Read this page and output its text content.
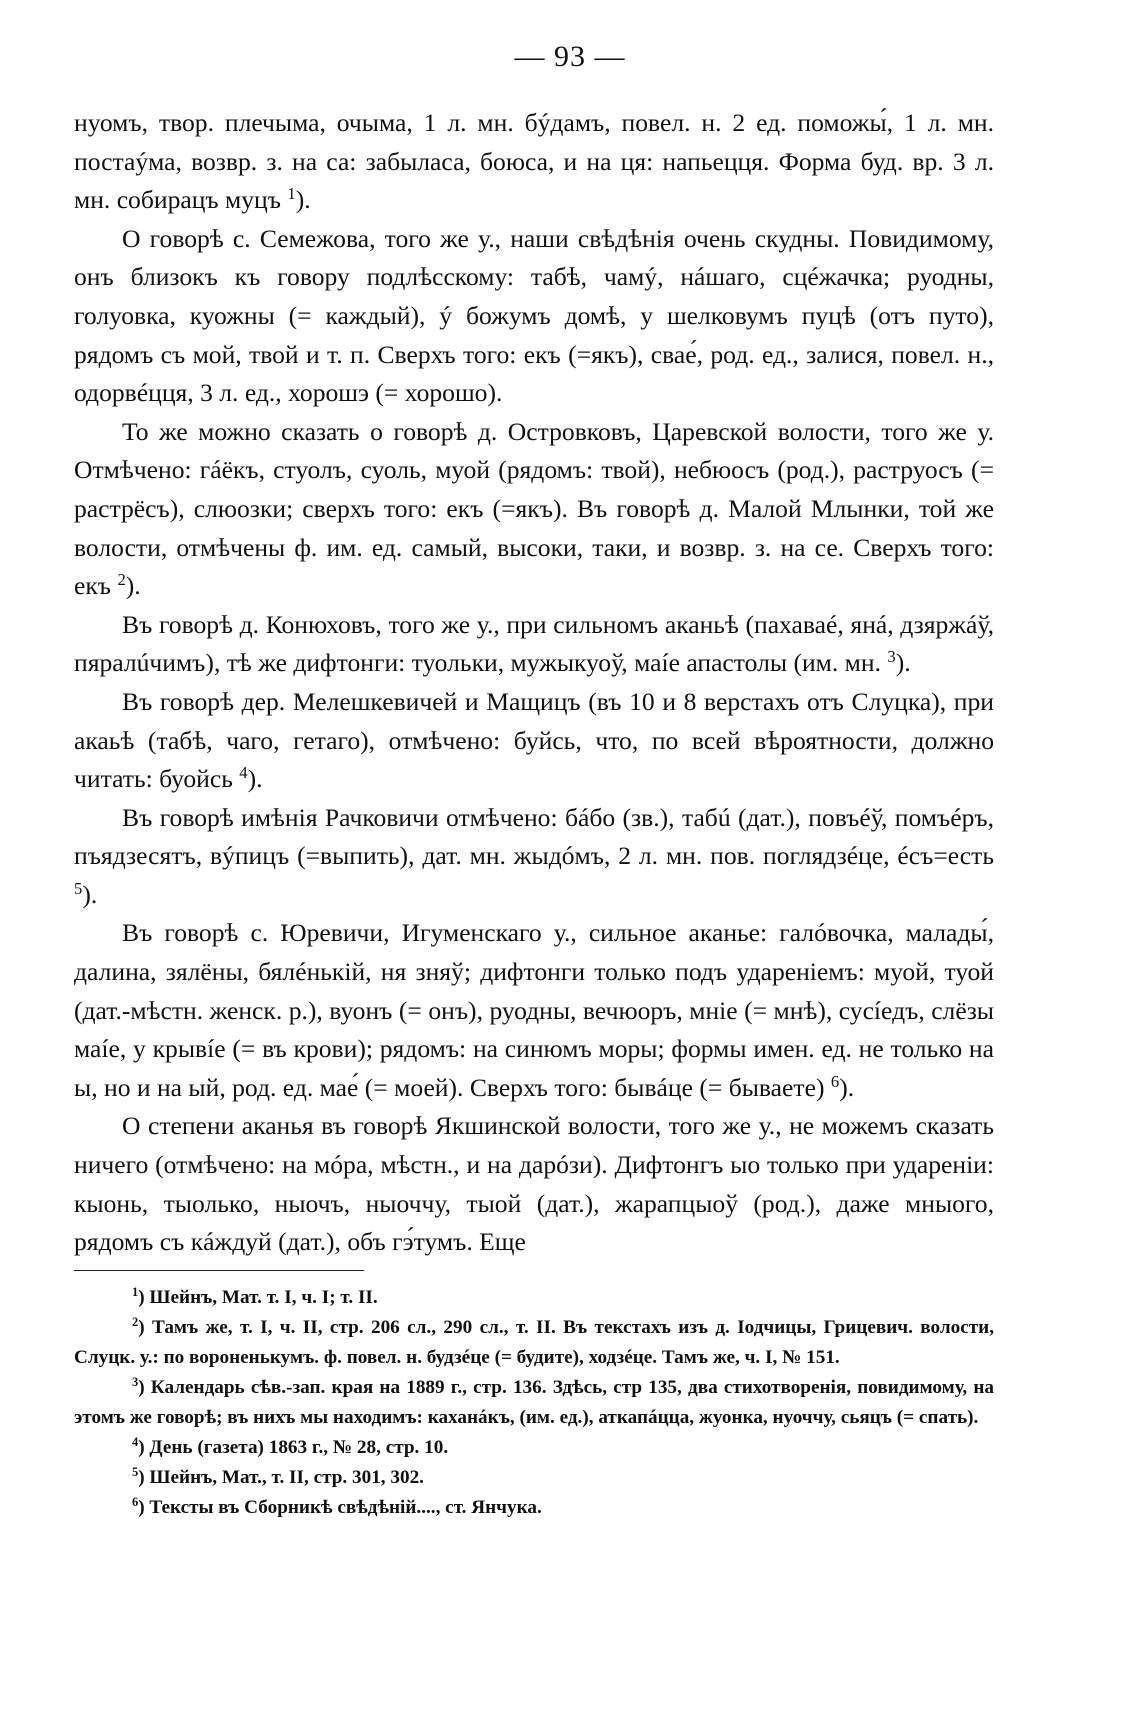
— 93 —

нуомъ, твор. плечыма, очыма, 1 л. мн. бýдамъ, повел. н. 2 ед. поможы́, 1 л. мн. постаýма, возвр. з. на са: забыласа, боюса, и на ця: напьецця. Форма буд. вр. 3 л. мн. собирацъ муцъ $^1$).

О говорѣ с. Семежова, того же у., наши свѣдѣнія очень скудны. Повидимому, онъ близокъ къ говору подлѣсскому: табѣ, чамý, нáшаго, сцéжачка; руодны, голуовка, куожны (= каждый), ý божумъ домѣ, у шелковумъ пуцѣ (отъ путо), рядомъ съ мой, твой и т. п. Сверхъ того: екъ (=якъ), свае́, род. ед., залися, повел. н., одорвéцця, 3 л. ед., хорошэ (= хорошо).

То же можно сказать о говорѣ д. Островковъ, Царевской волости, того же у. Отмѣчено: гáёкъ, стуолъ, суоль, муой (рядомъ: твой), небюосъ (род.), раструосъ (= растрёсъ), слюозки; сверхъ того: екъ (=якъ). Въ говорѣ д. Малой Млынки, той же волости, отмѣчены ф. им. ед. самый, высоки, таки, и возвр. з. на се. Сверхъ того: екъ $^2$).

Въ говорѣ д. Конюховъ, того же у., при сильномъ аканьѣ (пахаваé, янá, дзяржáў, пяралúчимъ), тѣ же дифтонги: туольки, мужыкуоў, маíе апастолы (им. мн. $^3$).

Въ говорѣ дер. Мелешкевичей и Мащицъ (въ 10 и 8 верстахъ отъ Слуцка), при акаьѣ (табѣ, чаго, гетаго), отмѣчено: буйсь, что, по всей вѣроятности, должно читать: буойсь $^4$).

Въ говорѣ имѣнія Рачковичи отмѣчено: бáбо (зв.), табú (дат.), повъéў, помъéръ, пъядзесятъ, вýпицъ (=выпить), дат. мн. жыдóмъ, 2 л. мн. пов. поглядзéце, éсъ=есть $^5$).

Въ говорѣ с. Юревичи, Игуменскаго у., сильное аканье: галóвочка, малады́, далина, зялёны, бялéнькій, ня зняў; дифтонги только подъ удареніемъ: муой, туой (дат.-мѣстн. женск. р.), вуонъ (= онъ), руодны, вечюоръ, мніе (= мнѣ), сусíедъ, слёзы маíе, у крывíе (= въ крови); рядомъ: на синюмъ моры; формы имен. ед. не только на ы, но и на ый, род. ед. мае́ (= моей). Сверхъ того: бывáце (= бываете) $^6$).

О степени аканья въ говорѣ Якшинской волости, того же у., не можемъ сказать ничего (отмѣчено: на мóра, мѣстн., и на дарóзи). Дифтонгъ ыо только при удареніи: кыонь, тыолько, ныочъ, ныоччу, тыой (дат.), жарапцыоў (род.), даже мныого, рядомъ съ кáждуй (дат.), объ гэ́тумъ. Еще

$^1$) Шейнъ, Мат. т. I, ч. I; т. II.

$^2$) Тамъ же, т. I, ч. II, стр. 206 сл., 290 сл., т. II. Въ текстахъ изъ д. Іодчицы, Грицевич. волости, Слуцк. у.: по вороненькумъ. ф. повел. н. будзéце (= будите), ходзéце. Тамъ же, ч. I, № 151.

$^3$) Календарь сѣв.-зап. края на 1889 г., стр. 136. Здѣсь, стр 135, два стихотворенія, повидимому, на этомъ же говорѣ; въ нихъ мы находимъ: каханáкъ, (им. ед.), аткапáцца, жуонка, нуоччу, сьяцъ (= спать).

$^4$) День (газета) 1863 г., № 28, стр. 10.

$^5$) Шейнъ, Мат., т. II, стр. 301, 302.

$^6$) Тексты въ Сборникѣ свѣдѣній...., ст. Янчука.
